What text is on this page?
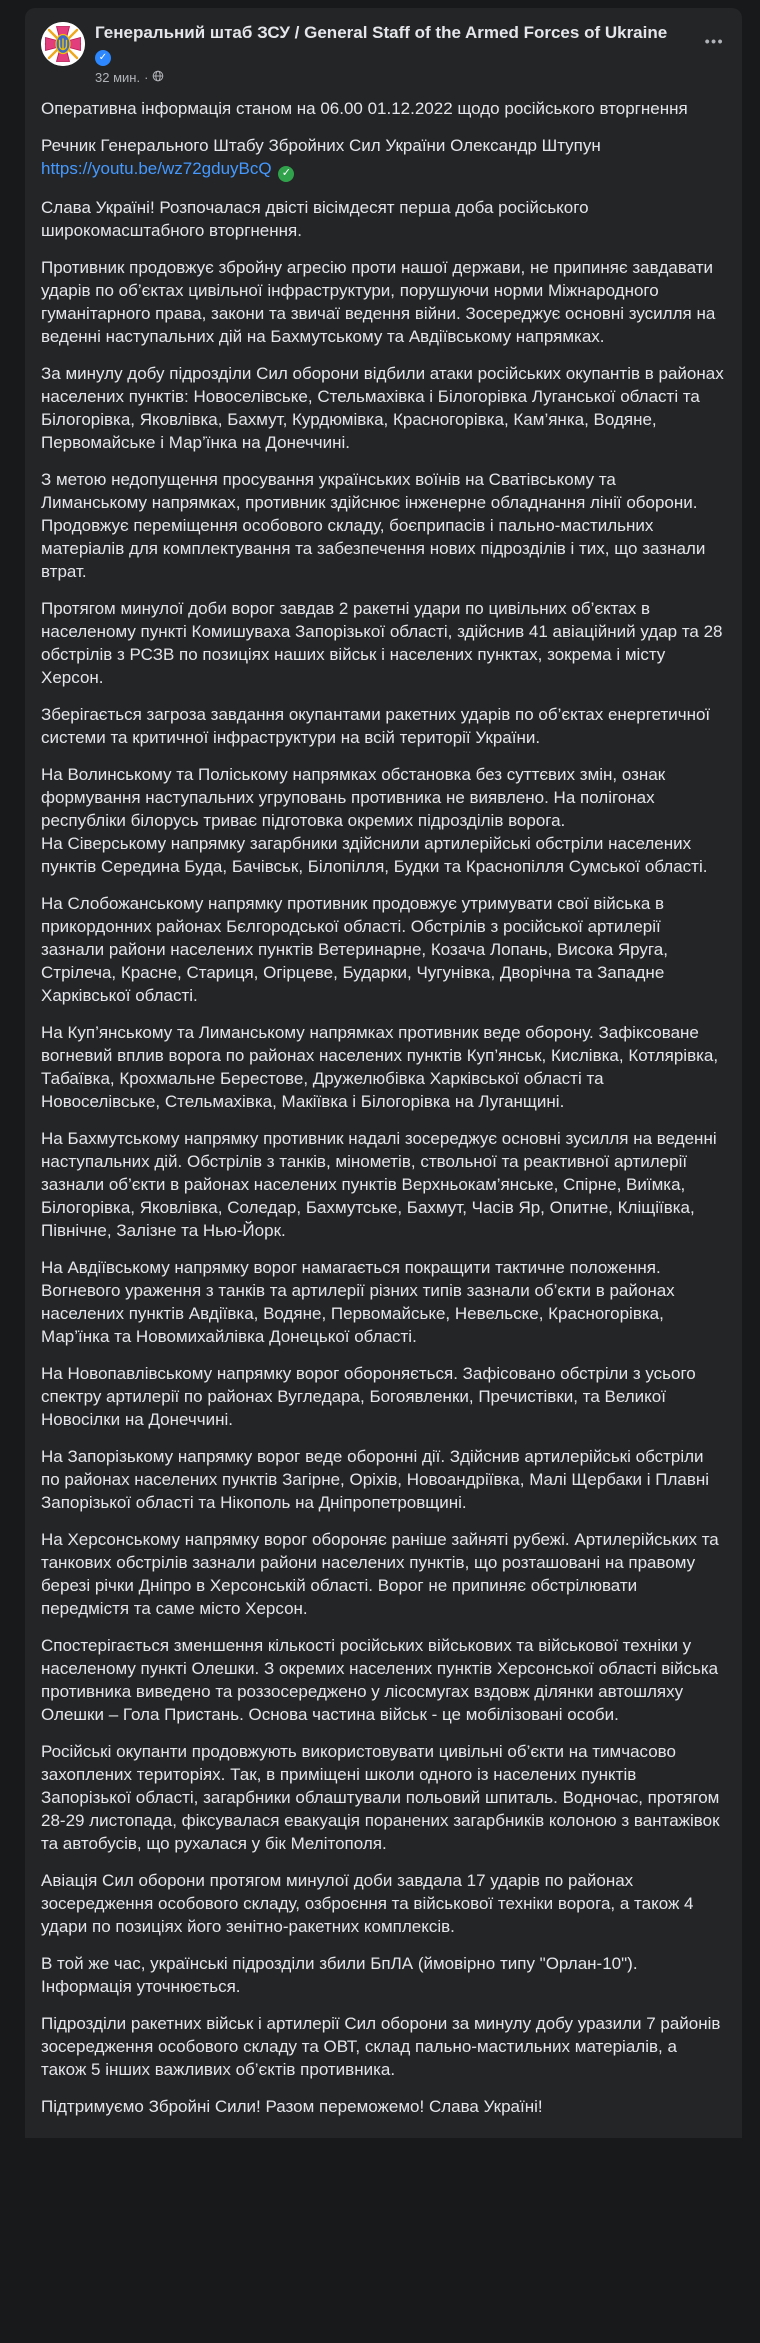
Генеральний штаб ЗСУ / General Staff of the Armed Forces of Ukraine
✓
32 мин. ·
•••

Оперативна інформація станом на 06.00 01.12.2022 щодо російського вторгнення

Речник Генерального Штабу Збройних Сил України Олександр Штупун
https://youtu.be/wz72gduyBcQ ✓

Слава Україні! Розпочалася двісті вісімдесят перша доба російського широкомасштабного вторгнення.

Противник продовжує збройну агресію проти нашої держави, не припиняє завдавати ударів по об’єктах цивільної інфраструктури, порушуючи норми Міжнародного гуманітарного права, закони та звичаї ведення війни. Зосереджує основні зусилля на веденні наступальних дій на Бахмутському та Авдіївському напрямках.

За минулу добу підрозділи Сил оборони відбили атаки російських окупантів в районах населених пунктів: Новоселівське, Стельмахівка і Білогорівка Луганської області та Білогорівка, Яковлівка, Бахмут, Курдюмівка, Красногорівка, Кам’янка, Водяне, Первомайське і Мар’їнка на Донеччині.

З метою недопущення просування українських воїнів на Сватівському та Лиманському напрямках, противник здійснює інженерне обладнання лінії оборони. Продовжує переміщення особового складу, боєприпасів і пально-мастильних матеріалів для комплектування та забезпечення нових підрозділів і тих, що зазнали втрат.

Протягом минулої доби ворог завдав 2 ракетні удари по цивільних об’єктах в населеному пункті Комишуваха Запорізької області, здійснив 41 авіаційний удар та 28 обстрілів з РСЗВ по позиціях наших військ і населених пунктах, зокрема і місту Херсон.

Зберігається загроза завдання окупантами ракетних ударів по об’єктах енергетичної системи та критичної інфраструктури на всій території України.

На Волинському та Поліському напрямках обстановка без суттєвих змін, ознак формування наступальних угруповань противника не виявлено. На полігонах республіки білорусь триває підготовка окремих підрозділів ворога.
На Сіверському напрямку загарбники здійснили артилерійські обстріли населених пунктів Середина Буда, Бачівськ, Білопілля, Будки та Краснопілля Сумської області.

На Слобожанському напрямку противник продовжує утримувати свої війська в прикордонних районах Бєлгородської області. Обстрілів з російської артилерії зазнали райони населених пунктів Ветеринарне, Козача Лопань, Висока Яруга, Стрілеча, Красне, Стариця, Огірцеве, Бударки, Чугунівка, Дворічна та Западне Харківської області.

На Куп’янському та Лиманському напрямках противник веде оборону. Зафіксоване вогневий вплив ворога по районах населених пунктів Куп’янськ, Кислівка, Котлярівка, Табаївка, Крохмальне Берестове, Дружелюбівка Харківської області та Новоселівське, Стельмахівка, Макіївка і Білогорівка на Луганщині.

На Бахмутському напрямку противник надалі зосереджує основні зусилля на веденні наступальних дій. Обстрілів з танків, мінометів, ствольної та реактивної артилерії зазнали об’єкти в районах населених пунктів Верхньокам’янське, Спірне, Виїмка, Білогорівка, Яковлівка, Соледар, Бахмутське, Бахмут, Часів Яр, Опитне, Кліщіївка, Північне, Залізне та Нью-Йорк.

На Авдіївському напрямку ворог намагається покращити тактичне положення. Вогневого ураження з танків та артилерії різних типів зазнали об’єкти в районах населених пунктів Авдіївка, Водяне, Первомайське, Невельске, Красногорівка, Мар’їнка та Новомихайлівка Донецької області.

На Новопавлівському напрямку ворог обороняється. Зафісовано обстріли з усього спектру артилерії по районах Вугледара, Богоявленки, Пречистівки, та Великої Новосілки на Донеччині.

На Запорізькому напрямку ворог веде оборонні дії. Здійснив артилерійські обстріли по районах населених пунктів Загірне, Оріхів, Новоандріївка, Малі Щербаки і Плавні Запорізької області та Нікополь на Дніпропетровщині.

На Херсонському напрямку ворог обороняє раніше зайняті рубежі. Артилерійських та танкових обстрілів зазнали райони населених пунктів, що розташовані на правому березі річки Дніпро в Херсонській області. Ворог не припиняє обстрілювати передмістя та саме місто Херсон.

Спостерігається зменшення кількості російських військових та військової техніки у населеному пункті Олешки. З окремих населених пунктів Херсонської області війська противника виведено та роззосереджено у лісосмугах вздовж ділянки автошляху Олешки – Гола Пристань. Основа частина військ - це мобілізовані особи.

Російські окупанти продовжують використовувати цивільні об’єкти на тимчасово захоплених територіях. Так, в приміщені школи одного із населених пунктів Запорізької області, загарбники облаштували польовий шпиталь. Водночас, протягом 28-29 листопада, фіксувалася евакуація поранених загарбників колоною з вантажівок та автобусів, що рухалася у бік Мелітополя.

Авіація Сил оборони протягом минулої доби завдала 17 ударів по районах зосередження особового складу, озброєння та військової техніки ворога, а також 4 удари по позиціях його зенітно-ракетних комплексів.

В той же час, українські підрозділи збили БпЛА (ймовірно типу "Орлан-10"). Інформація уточнюється.

Підрозділи ракетних військ і артилерії Сил оборони за минулу добу уразили 7 районів зосередження особового складу та ОВТ, склад пально-мастильних матеріалів, а також 5 інших важливих об’єктів противника.

Підтримуємо Збройні Сили! Разом переможемо! Слава Україні!
